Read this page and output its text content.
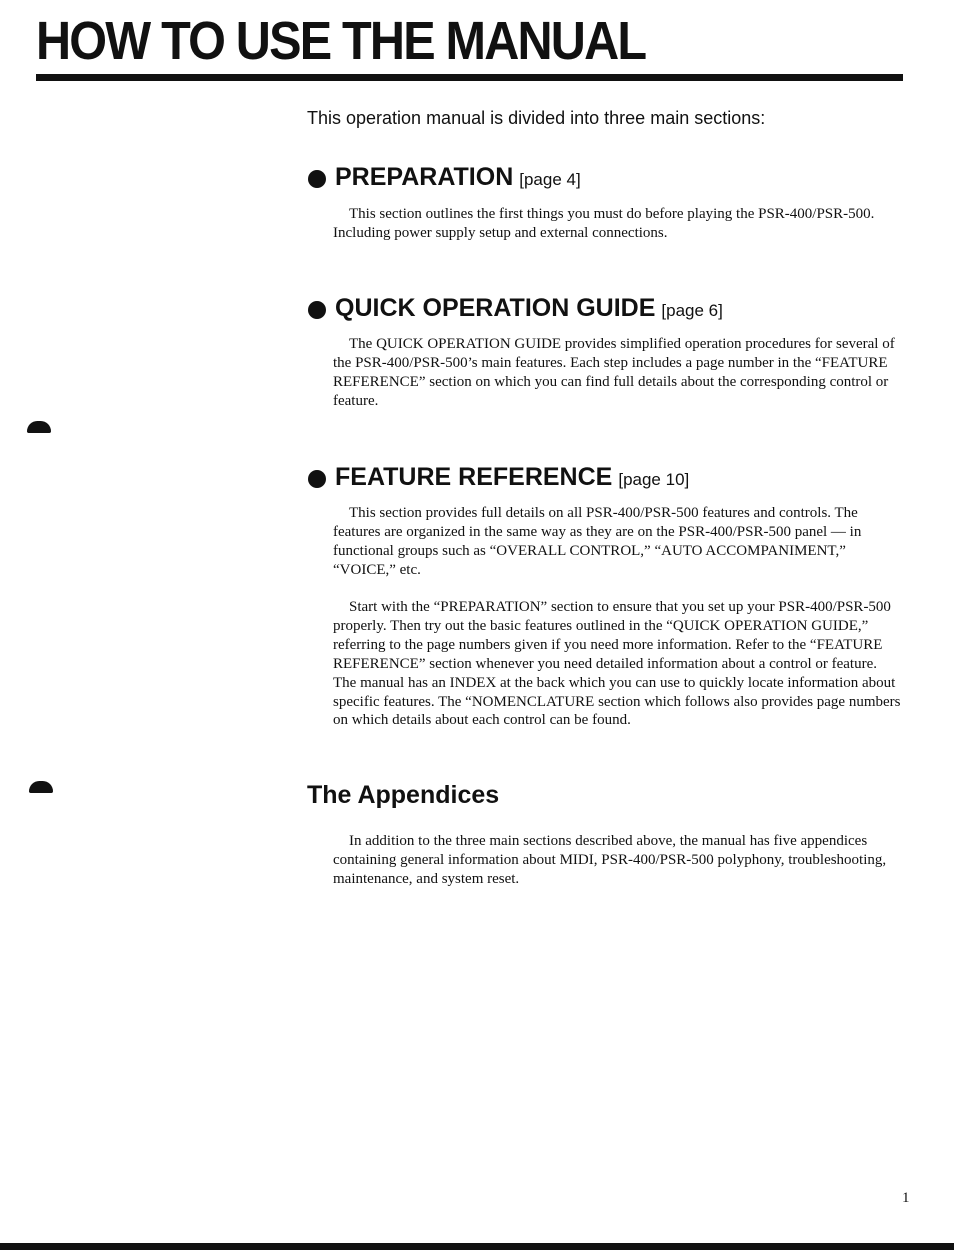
HOW TO USE THE MANUAL

This operation manual is divided into three main sections:

PREPARATION [page 4]

This section outlines the first things you must do before playing the PSR-400/PSR-500. Including power supply setup and external connections.

QUICK OPERATION GUIDE [page 6]

The QUICK OPERATION GUIDE provides simplified operation procedures for several of the PSR-400/PSR-500’s main features. Each step includes a page number in the “FEATURE REFERENCE” section on which you can find full details about the corresponding control or feature.

FEATURE REFERENCE [page 10]

This section provides full details on all PSR-400/PSR-500 features and controls. The features are organized in the same way as they are on the PSR-400/PSR-500 panel — in functional groups such as “OVERALL CONTROL,” “AUTO ACCOMPANIMENT,” “VOICE,” etc.

Start with the “PREPARATION” section to ensure that you set up your PSR-400/PSR-500 properly. Then try out the basic features outlined in the “QUICK OPERATION GUIDE,” referring to the page numbers given if you need more information. Refer to the “FEATURE REFERENCE” section whenever you need detailed information about a control or feature. The manual has an INDEX at the back which you can use to quickly locate information about specific features. The “NOMENCLATURE section which follows also provides page numbers on which details about each control can be found.

The Appendices

In addition to the three main sections described above, the manual has five appendices containing general information about MIDI, PSR-400/PSR-500 polyphony, troubleshooting, maintenance, and system reset.

1
